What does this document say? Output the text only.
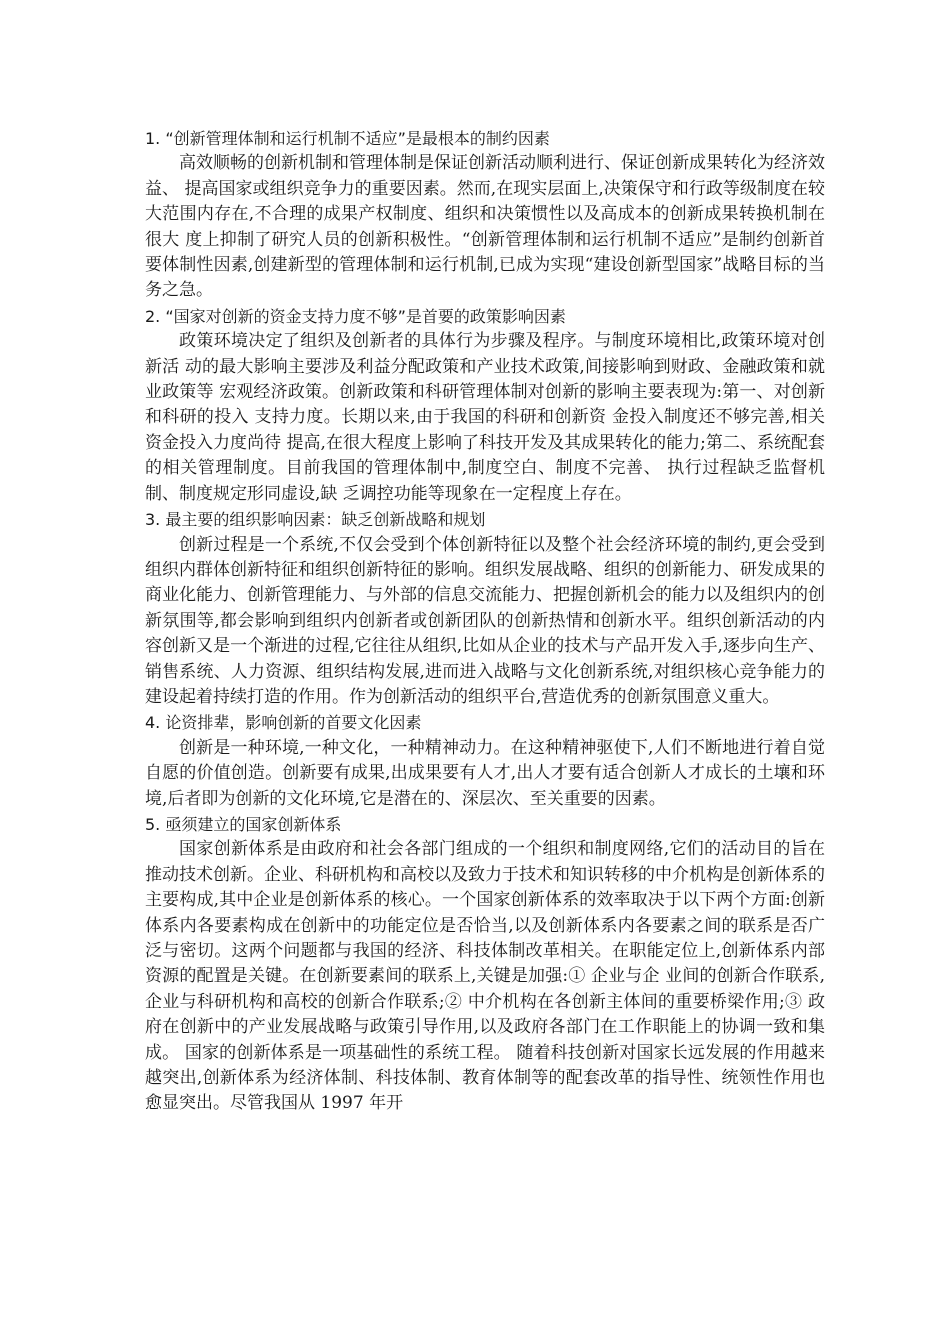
1. “创新管理体制和运行机制不适应”是最根本的制约因素

高效顺畅的创新机制和管理体制是保证创新活动顺利进行、保证创新成果转化为经济效益、 提高国家或组织竞争力的重要因素。然而,在现实层面上,决策保守和行政等级制度在较大范围内存在,不合理的成果产权制度、组织和决策惯性以及高成本的创新成果转换机制在很大 度上抑制了研究人员的创新积极性。“创新管理体制和运行机制不适应”是制约创新首要体制性因素,创建新型的管理体制和运行机制,已成为实现“建设创新型国家”战略目标的当务之急。

2. “国家对创新的资金支持力度不够”是首要的政策影响因素

政策环境决定了组织及创新者的具体行为步骤及程序。与制度环境相比,政策环境对创新活 动的最大影响主要涉及利益分配政策和产业技术政策,间接影响到财政、金融政策和就业政策等 宏观经济政策。创新政策和科研管理体制对创新的影响主要表现为:第一、对创新和科研的投入 支持力度。长期以来,由于我国的科研和创新资 金投入制度还不够完善,相关资金投入力度尚待 提高,在很大程度上影响了科技开发及其成果转化的能力;第二、系统配套的相关管理制度。目前我国的管理体制中,制度空白、制度不完善、 执行过程缺乏监督机制、制度规定形同虚设,缺 乏调控功能等现象在一定程度上存在。

3. 最主要的组织影响因素：缺乏创新战略和规划

创新过程是一个系统,不仅会受到个体创新特征以及整个社会经济环境的制约,更会受到组织内群体创新特征和组织创新特征的影响。组织发展战略、组织的创新能力、研发成果的商业化能力、创新管理能力、与外部的信息交流能力、把握创新机会的能力以及组织内的创新氛围等,都会影响到组织内创新者或创新团队的创新热情和创新水平。组织创新活动的内容创新又是一个渐进的过程,它往往从组织,比如从企业的技术与产品开发入手,逐步向生产、销售系统、人力资源、组织结构发展,进而进入战略与文化创新系统,对组织核心竞争能力的建设起着持续打造的作用。作为创新活动的组织平台,营造优秀的创新氛围意义重大。

4. 论资排辈，影响创新的首要文化因素

创新是一种环境,一种文化，一种精神动力。在这种精神驱使下,人们不断地进行着自觉自愿的价值创造。创新要有成果,出成果要有人才,出人才要有适合创新人才成长的土壤和环境,后者即为创新的文化环境,它是潜在的、深层次、至关重要的因素。

5. 亟须建立的国家创新体系

国家创新体系是由政府和社会各部门组成的一个组织和制度网络,它们的活动目的旨在推动技术创新。企业、科研机构和高校以及致力于技术和知识转移的中介机构是创新体系的主要构成,其中企业是创新体系的核心。一个国家创新体系的效率取决于以下两个方面:创新体系内各要素构成在创新中的功能定位是否恰当,以及创新体系内各要素之间的联系是否广泛与密切。这两个问题都与我国的经济、科技体制改革相关。在职能定位上,创新体系内部资源的配置是关键。在创新要素间的联系上,关键是加强:① 企业与企 业间的创新合作联系,企业与科研机构和高校的创新合作联系;② 中介机构在各创新主体间的重要桥梁作用;③ 政府在创新中的产业发展战略与政策引导作用,以及政府各部门在工作职能上的协调一致和集成。 国家的创新体系是一项基础性的系统工程。 随着科技创新对国家长远发展的作用越来越突出,创新体系为经济体制、科技体制、教育体制等的配套改革的指导性、统领性作用也愈显突出。尽管我国从 1997 年开
